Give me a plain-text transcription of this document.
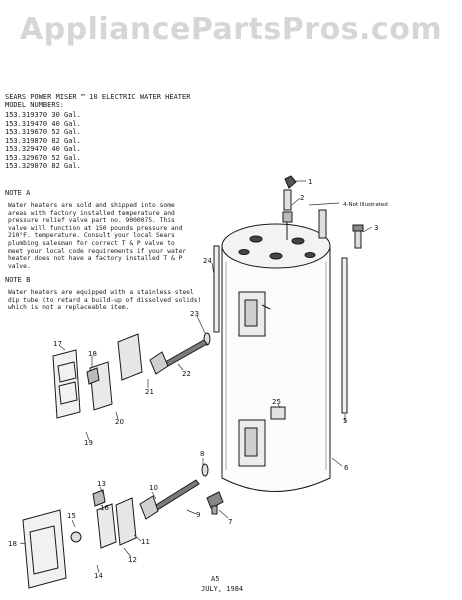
AppliancePartsPros.com
SEARS POWER MISER ™ 10 ELECTRIC WATER HEATER
MODEL NUMBERS:
153.319370 30 Gal.
153.319470 40 Gal.
153.319670 52 Gal.
153.319870 82 Gal.
153.329470 40 Gal.
153.329670 52 Gal.
153.329870 82 Gal.
NOTE A
Water heaters are sold and shipped into some
areas with factory installed temperature and
pressure relief valve part no. 9000075. This
valve will function at 150 pounds pressure and
210°F. temperature. Consult your local Sears
plumbing salesman for correct T & P valve to
meet your local code requirements if your water
heater does not have a factory installed T & P
valve.
NOTE B
Water heaters are equipped with a stainless steel
dip tube (to retard a build-up of dissolved solids)
which is not a replaceable item.
1
2
3
4-Not Illustrated
5
6
7
8
9
10
11
12
13
14
15
16
17
18
18
19
20
21
22
23
24
25
A5
JULY, 1984
